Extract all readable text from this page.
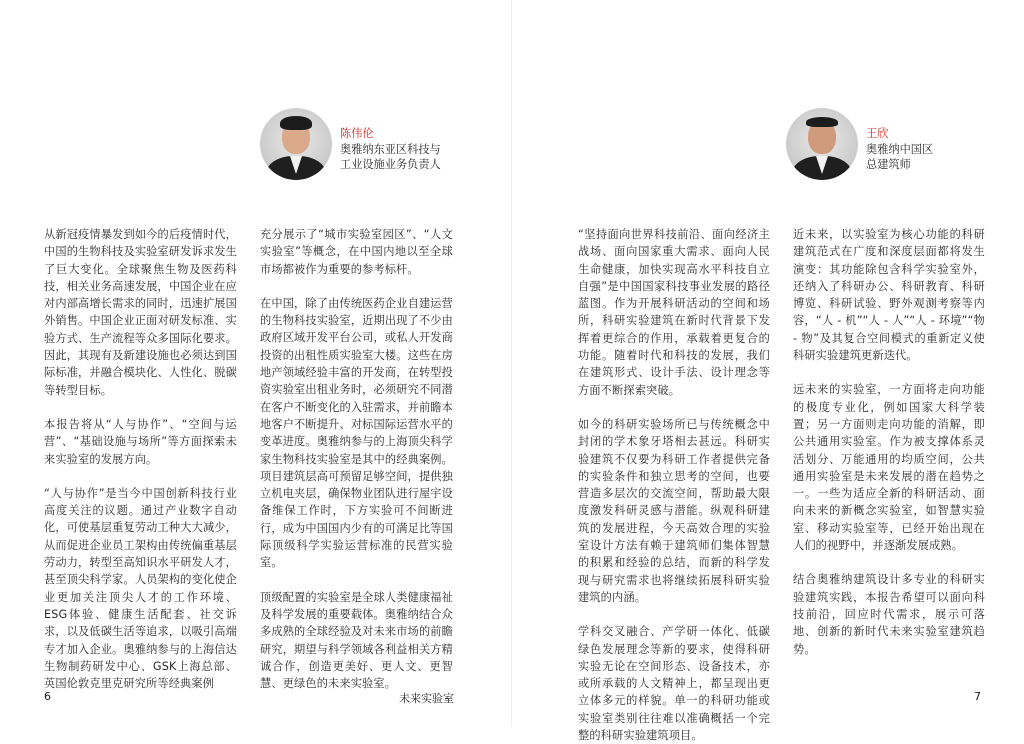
陈伟伦
奥雅纳东亚区科技与
工业设施业务负责人
王欣
奥雅纳中国区
总建筑师

从新冠疫情暴发到如今的后疫情时代，中国的生物科技及实验室研发诉求发生了巨大变化。全球聚焦生物及医药科技，相关业务高速发展，中国企业在应对内部高增长需求的同时，迅速扩展国外销售。中国企业正面对研发标准、实验方式、生产流程等众多国际化要求。因此，其现有及新建设施也必须达到国际标准，并融合模块化、人性化、脱碳等转型目标。

本报告将从“人与协作”、“空间与运营”、“基础设施与场所”等方面探索未来实验室的发展方向。

“人与协作”是当今中国创新科技行业高度关注的议题。通过产业数字自动化，可使基层重复劳动工种大大减少，从而促进企业员工架构由传统偏重基层劳动力，转型至高知识水平研发人才，甚至顶尖科学家。人员架构的变化使企业更加关注顶尖人才的工作环境、ESG体验、健康生活配套、社交诉求，以及低碳生活等追求，以吸引高端专才加入企业。奥雅纳参与的上海信达生物制药研发中心、GSK上海总部、英国伦敦克里克研究所等经典案例

充分展示了“城市实验室园区”、“人文实验室”等概念，在中国内地以至全球市场都被作为重要的参考标杆。

在中国，除了由传统医药企业自建运营的生物科技实验室，近期出现了不少由政府区域开发平台公司，或私人开发商投资的出租性质实验室大楼。这些在房地产领域经验丰富的开发商，在转型投资实验室出租业务时，必须研究不同潜在客户不断变化的入驻需求，并前瞻本地客户不断提升、对标国际运营水平的变革进度。奥雅纳参与的上海顶尖科学家生物科技实验室是其中的经典案例。项目建筑层高可预留足够空间，提供独立机电夹层，确保物业团队进行屋宇设备维保工作时，下方实验可不间断进行，成为中国国内少有的可满足比等国际顶级科学实验运营标准的民营实验室。

顶级配置的实验室是全球人类健康福祉及科学发展的重要载体。奥雅纳结合众多成熟的全球经验及对未来市场的前瞻研究，期望与科学领域各利益相关方精诚合作，创造更美好、更人文、更智慧、更绿色的未来实验室。

“坚持面向世界科技前沿、面向经济主战场、面向国家重大需求、面向人民生命健康，加快实现高水平科技自立自强”是中国国家科技事业发展的路径蓝图。作为开展科研活动的空间和场所，科研实验建筑在新时代背景下发挥着更综合的作用，承载着更复合的功能。随着时代和科技的发展，我们在建筑形式、设计手法、设计理念等方面不断探索突破。

如今的科研实验场所已与传统概念中封闭的学术象牙塔相去甚远。科研实验建筑不仅要为科研工作者提供完备的实验条件和独立思考的空间，也要营造多层次的交流空间，帮助最大限度激发科研灵感与潜能。纵观科研建筑的发展进程，今天高效合理的实验室设计方法有赖于建筑师们集体智慧的积累和经验的总结，而新的科学发现与研究需求也将继续拓展科研实验建筑的内涵。

学科交叉融合、产学研一体化、低碳绿色发展理念等新的要求，使得科研实验无论在空间形态、设备技术，亦或所承载的人文精神上，都呈现出更立体多元的样貌。单一的科研功能或实验室类别往往难以准确概括一个完整的科研实验建筑项目。

近未来，以实验室为核心功能的科研建筑范式在广度和深度层面都将发生演变：其功能除包含科学实验室外，还纳入了科研办公、科研教育、科研博览、科研试验、野外观测考察等内容，“人 - 机”“人 - 人”“人 - 环境”“物 - 物”及其复合空间模式的重新定义使科研实验建筑更新迭代。

远未来的实验室，一方面将走向功能的极度专业化，例如国家大科学装置；另一方面则走向功能的消解，即公共通用实验室。作为被支撑体系灵活划分、万能通用的均质空间，公共通用实验室是未来发展的潜在趋势之一。一些为适应全新的科研活动、面向未来的新概念实验室，如智慧实验室、移动实验室等，已经开始出现在人们的视野中，并逐渐发展成熟。

结合奥雅纳建筑设计多专业的科研实验建筑实践，本报告希望可以面向科技前沿，回应时代需求，展示可落地、创新的新时代未来实验室建筑趋势。

6	未来实验室	7
